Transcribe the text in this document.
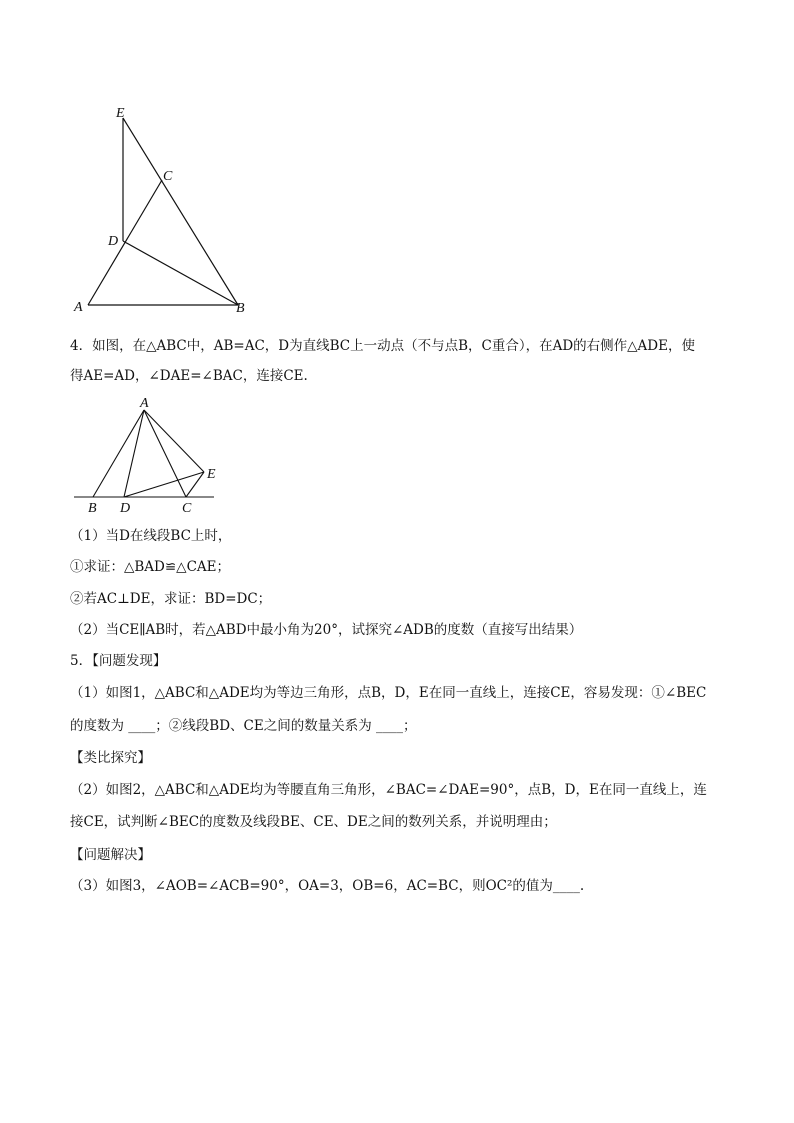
E
C
D
A	B
4．如图，在△ABC中，AB=AC，D为直线BC上一动点（不与点B，C重合），在AD的右侧作△ADE，使
得AE=AD，∠DAE=∠BAC，连接CE.
A
E
B D	C
（1）当D在线段BC上时，
①求证：△BAD≌△CAE；
②若AC⊥DE，求证：BD=DC；
（2）当CE∥AB时，若△ABD中最小角为20°，试探究∠ADB的度数（直接写出结果）
5．【问题发现】
（1）如图1，△ABC和△ADE均为等边三角形，点B，D，E在同一直线上，连接CE，容易发现：①∠BEC
的度数为 ____；②线段BD、CE之间的数量关系为 ____；
【类比探究】
（2）如图2，△ABC和△ADE均为等腰直角三角形，∠BAC=∠DAE=90°，点B，D，E在同一直线上，连
接CE，试判断∠BEC的度数及线段BE、CE、DE之间的数列关系，并说明理由；
【问题解决】
（3）如图3，∠AOB=∠ACB=90°，OA=3，OB=6，AC=BC，则OC²的值为____.
